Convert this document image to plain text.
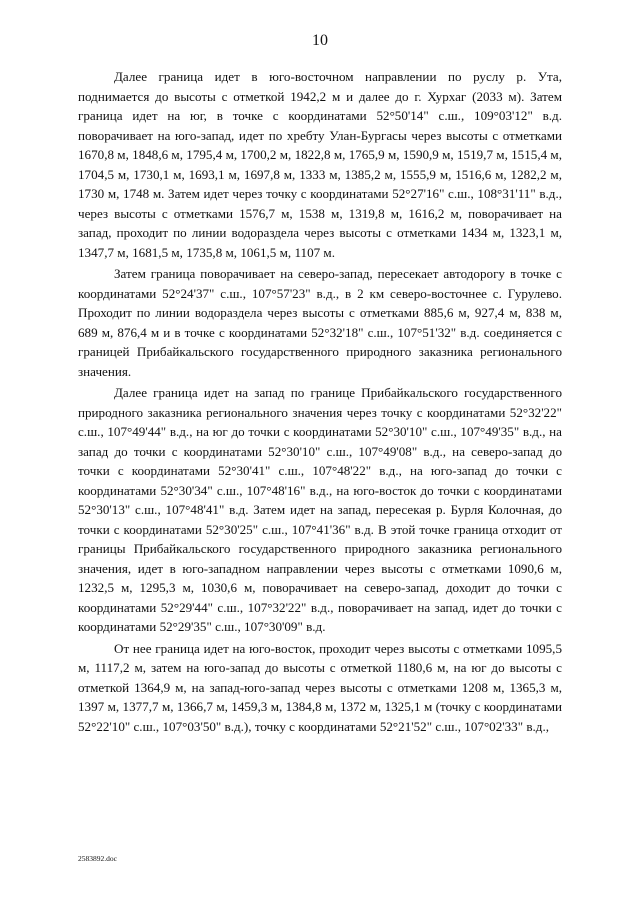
10

Далее граница идет в юго-восточном направлении по руслу р. Ута, поднимается до высоты с отметкой 1942,2 м и далее до г. Хурхаг (2033 м). Затем граница идет на юг, в точке с координатами 52°50'14" с.ш., 109°03'12" в.д. поворачивает на юго-запад, идет по хребту Улан-Бургасы через высоты с отметками 1670,8 м, 1848,6 м, 1795,4 м, 1700,2 м, 1822,8 м, 1765,9 м, 1590,9 м, 1519,7 м, 1515,4 м, 1704,5 м, 1730,1 м, 1693,1 м, 1697,8 м, 1333 м, 1385,2 м, 1555,9 м, 1516,6 м, 1282,2 м, 1730 м, 1748 м. Затем идет через точку с координатами 52°27'16" с.ш., 108°31'11" в.д., через высоты с отметками 1576,7 м, 1538 м, 1319,8 м, 1616,2 м, поворачивает на запад, проходит по линии водораздела через высоты с отметками 1434 м, 1323,1 м, 1347,7 м, 1681,5 м, 1735,8 м, 1061,5 м, 1107 м.

Затем граница поворачивает на северо-запад, пересекает автодорогу в точке с координатами 52°24'37" с.ш., 107°57'23" в.д., в 2 км северо-восточнее с. Гурулево. Проходит по линии водораздела через высоты с отметками 885,6 м, 927,4 м, 838 м, 689 м, 876,4 м и в точке с координатами 52°32'18" с.ш., 107°51'32" в.д. соединяется с границей Прибайкальского государственного природного заказника регионального значения.

Далее граница идет на запад по границе Прибайкальского государственного природного заказника регионального значения через точку с координатами 52°32'22" с.ш., 107°49'44" в.д., на юг до точки с координатами 52°30'10" с.ш., 107°49'35" в.д., на запад до точки с координатами 52°30'10" с.ш., 107°49'08" в.д., на северо-запад до точки с координатами 52°30'41" с.ш., 107°48'22" в.д., на юго-запад до точки с координатами 52°30'34" с.ш., 107°48'16" в.д., на юго-восток до точки с координатами 52°30'13" с.ш., 107°48'41" в.д. Затем идет на запад, пересекая р. Бурля Колочная, до точки с координатами 52°30'25" с.ш., 107°41'36" в.д. В этой точке граница отходит от границы Прибайкальского государственного природного заказника регионального значения, идет в юго-западном направлении через высоты с отметками 1090,6 м, 1232,5 м, 1295,3 м, 1030,6 м, поворачивает на северо-запад, доходит до точки с координатами 52°29'44" с.ш., 107°32'22" в.д., поворачивает на запад, идет до точки с координатами 52°29'35" с.ш., 107°30'09" в.д.

От нее граница идет на юго-восток, проходит через высоты с отметками 1095,5 м, 1117,2 м, затем на юго-запад до высоты с отметкой 1180,6 м, на юг до высоты с отметкой 1364,9 м, на запад-юго-запад через высоты с отметками 1208 м, 1365,3 м, 1397 м, 1377,7 м, 1366,7 м, 1459,3 м, 1384,8 м, 1372 м, 1325,1 м (точку с координатами 52°22'10" с.ш., 107°03'50" в.д.), точку с координатами 52°21'52" с.ш., 107°02'33" в.д.,

2583892.doc
